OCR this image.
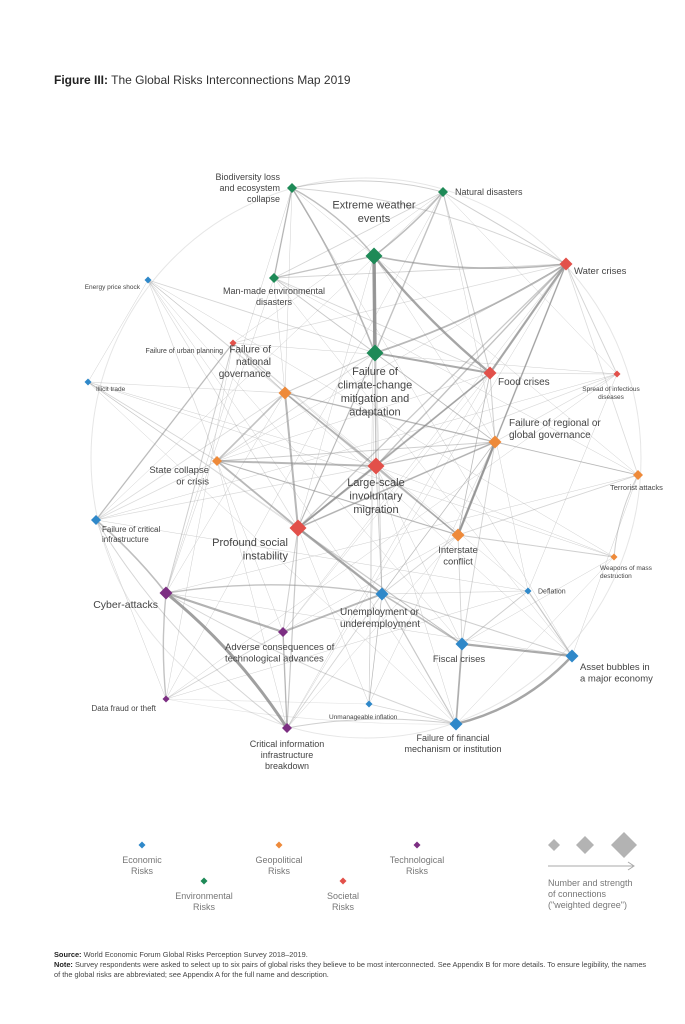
Figure III: The Global Risks Interconnections Map 2019
Biodiversity loss and ecosystem collapse
Natural disasters
Extreme weather events
Water crises
Energy price shock	Man-made environmental disasters
Failure of urban planning
Failure of climate-change mitigation and adaptation
Food crises
Illicit trade
Failure of national governance
Spread of infectious diseases
Failure of regional or global governance
State collapse or crisis	Large-scale involuntary migration
Terrorist attacks
Failure of critical infrastructure	Profound social instability	Interstate conflict
Weapons of mass destruction
Cyber-attacks
Deflation
Unemployment or underemployment
Adverse consequences of technological advances	Fiscal crises
Asset bubbles in a major economy
Data fraud or theft
Unmanageable inflation
Critical information infrastructure breakdown
Failure of financial mechanism or institution
Economic Risks
Environmental Risks
Geopolitical Risks
Societal Risks
Technological Risks
Number and strength of connections ("weighted degree")
Source: World Economic Forum Global Risks Perception Survey 2018–2019.
Note: Survey respondents were asked to select up to six pairs of global risks they believe to be most interconnected. See Appendix B for more details. To ensure legibility, the names of the global risks are abbreviated; see Appendix A for the full name and description.
